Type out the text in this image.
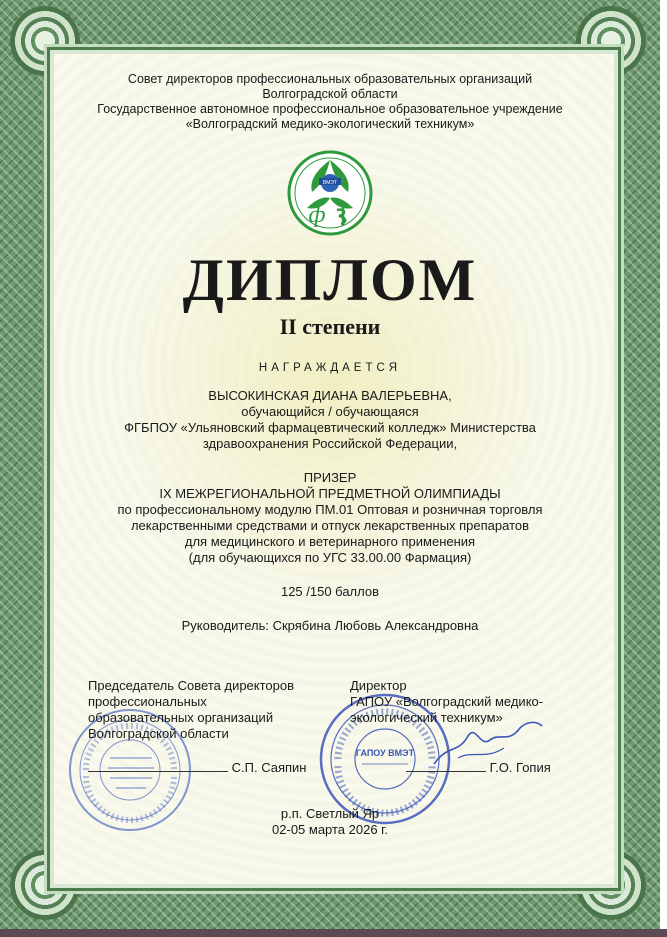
Совет директоров профессиональных образовательных организаций
Волгоградской области
Государственное автономное профессиональное образовательное учреждение
«Волгоградский медико-экологический техникум»
ВМЭТ
ф
ДИПЛОМ
II степени
НАГРАЖДАЕТСЯ
ВЫСОКИНСКАЯ ДИАНА ВАЛЕРЬЕВНА,
обучающийся / обучающаяся
ФГБПОУ «Ульяновский фармацевтический колледж» Министерства
здравоохранения Российской Федерации,
ПРИЗЕР
IX МЕЖРЕГИОНАЛЬНОЙ ПРЕДМЕТНОЙ ОЛИМПИАДЫ
по профессиональному модулю ПМ.01 Оптовая и розничная торговля
лекарственными средствами и отпуск лекарственных препаратов
для медицинского и ветеринарного применения
(для обучающихся по УГС 33.00.00 Фармация)
125 /150 баллов
Руководитель: Скрябина Любовь Александровна
ГАПОУ ВМЭТ
Председатель Совета директоров
профессиональных
образовательных организаций
Волгоградской области
Директор
ГАПОУ «Волгоградский медико-
экологический техникум»
С.П. Саяпин	Г.О. Гопия
р.п. Светлый Яр
02-05 марта 2026 г.
